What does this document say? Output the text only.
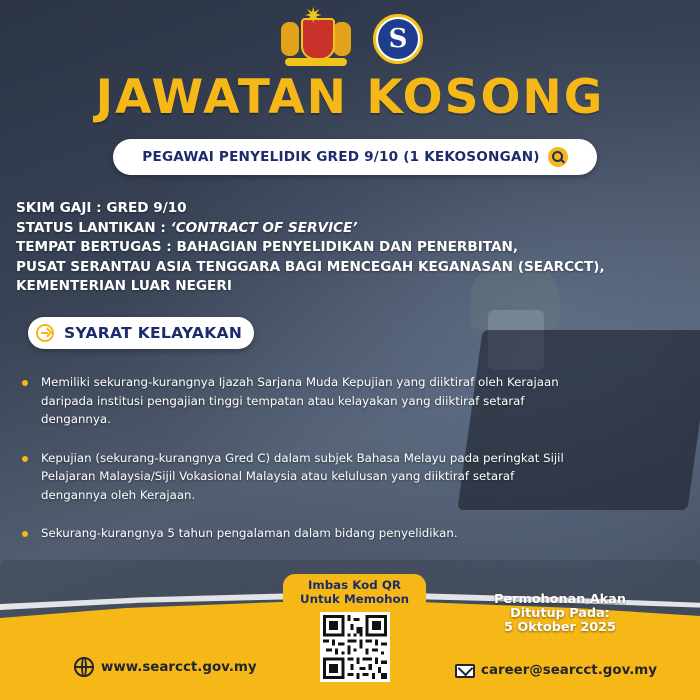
✷
S
JAWATAN KOSONG
PEGAWAI PENYELIDIK GRED 9/10 (1 KEKOSONGAN)
SKIM GAJI : GRED 9/10
STATUS LANTIKAN : ‘CONTRACT OF SERVICE’
TEMPAT BERTUGAS : BAHAGIAN PENYELIDIKAN DAN PENERBITAN,
PUSAT SERANTAU ASIA TENGGARA BAGI MENCEGAH KEGANASAN (SEARCCT),
KEMENTERIAN LUAR NEGERI
SYARAT KELAYAKAN
Memiliki sekurang-kurangnya Ijazah Sarjana Muda Kepujian yang diiktiraf oleh Kerajaan
daripada institusi pengajian tinggi tempatan atau kelayakan yang diiktiraf setaraf
dengannya.
Kepujian (sekurang-kurangnya Gred C) dalam subjek Bahasa Melayu pada peringkat Sijil
Pelajaran Malaysia/Sijil Vokasional Malaysia atau kelulusan yang diiktiraf setaraf
dengannya oleh Kerajaan.
Sekurang-kurangnya 5 tahun pengalaman dalam bidang penyelidikan.
Permohonan Akan
Ditutup Pada:
5 Oktober 2025
Imbas Kod QR
Untuk Memohon
www.searcct.gov.my	career@searcct.gov.my
